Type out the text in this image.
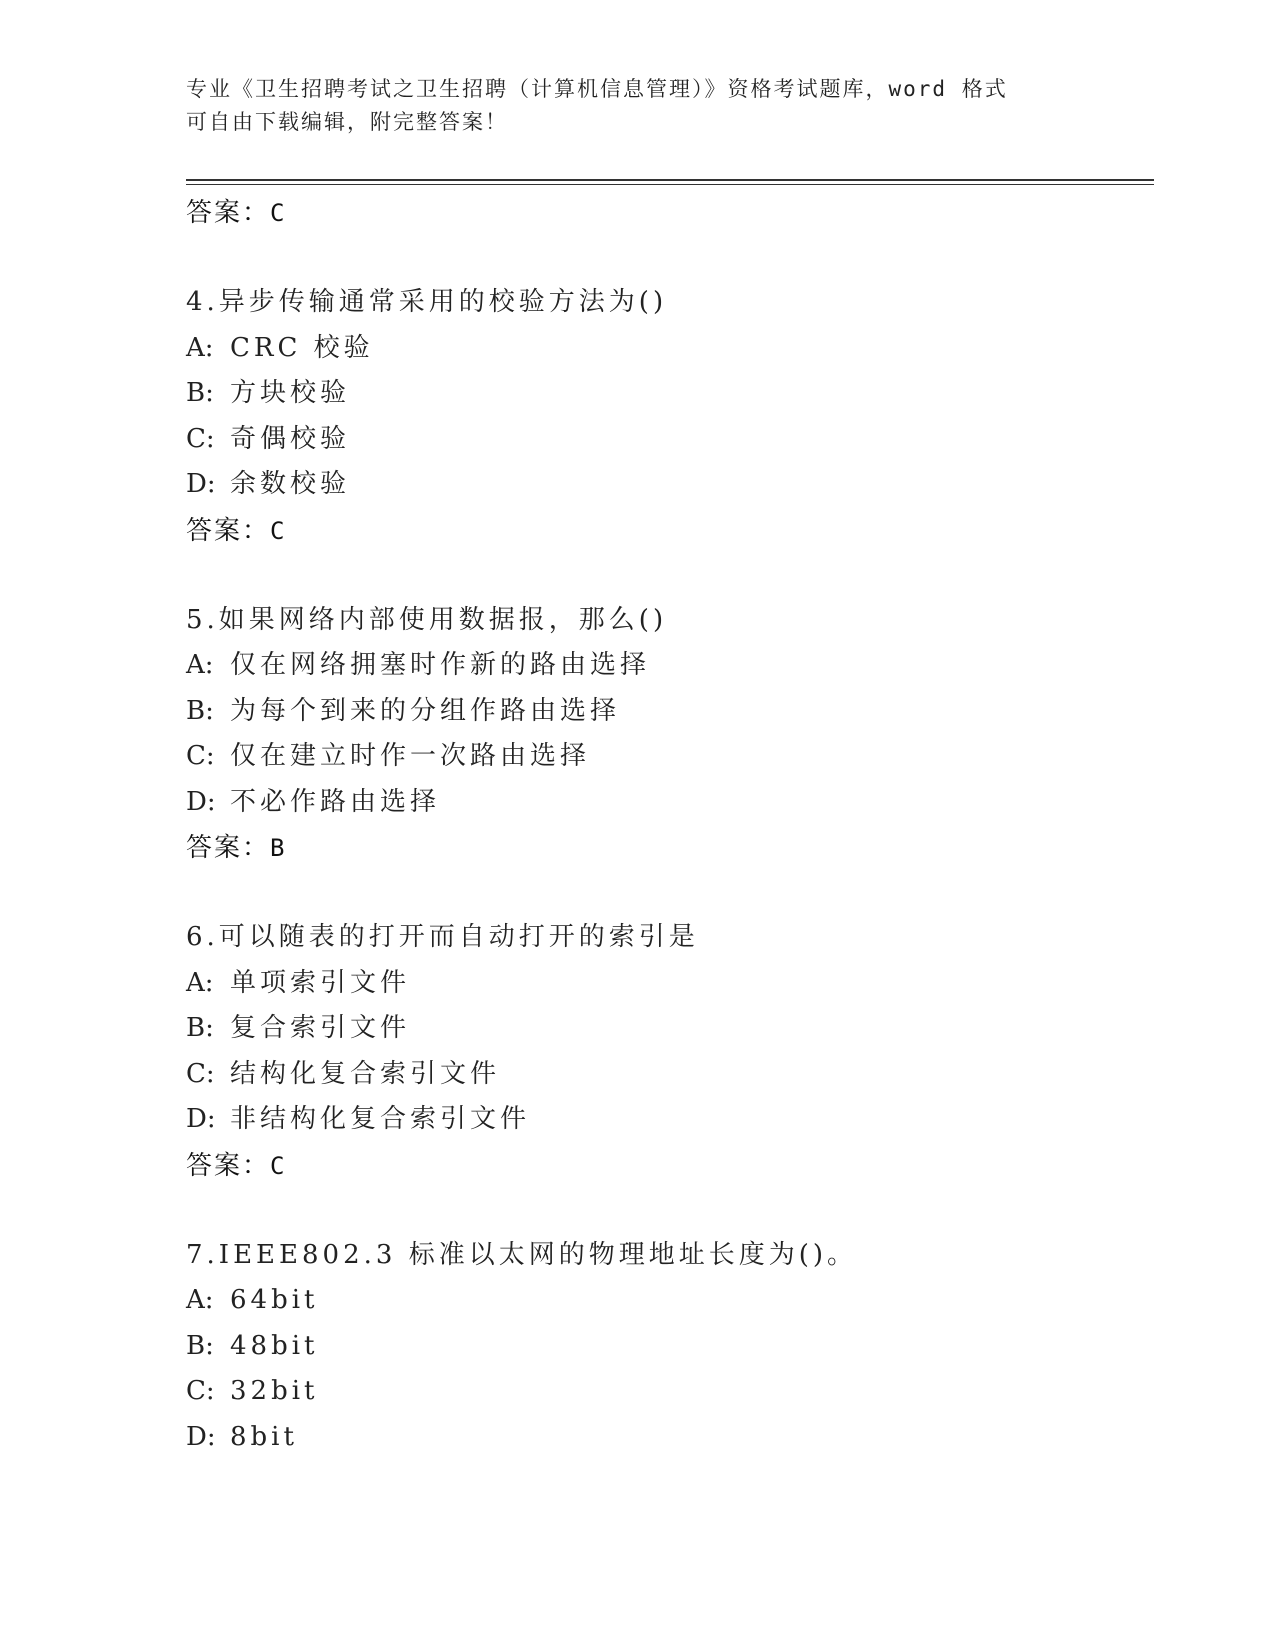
专业《卫生招聘考试之卫生招聘（计算机信息管理）》资格考试题库，word 格式
可自由下载编辑，附完整答案！
答案：C
4.异步传输通常采用的校验方法为()
A: CRC 校验
B: 方块校验
C: 奇偶校验
D: 余数校验
答案：C
5.如果网络内部使用数据报，那么()
A: 仅在网络拥塞时作新的路由选择
B: 为每个到来的分组作路由选择
C: 仅在建立时作一次路由选择
D: 不必作路由选择
答案：B
6.可以随表的打开而自动打开的索引是
A: 单项索引文件
B: 复合索引文件
C: 结构化复合索引文件
D: 非结构化复合索引文件
答案：C
7.IEEE802.3 标准以太网的物理地址长度为()。
A: 64bit
B: 48bit
C: 32bit
D: 8bit
